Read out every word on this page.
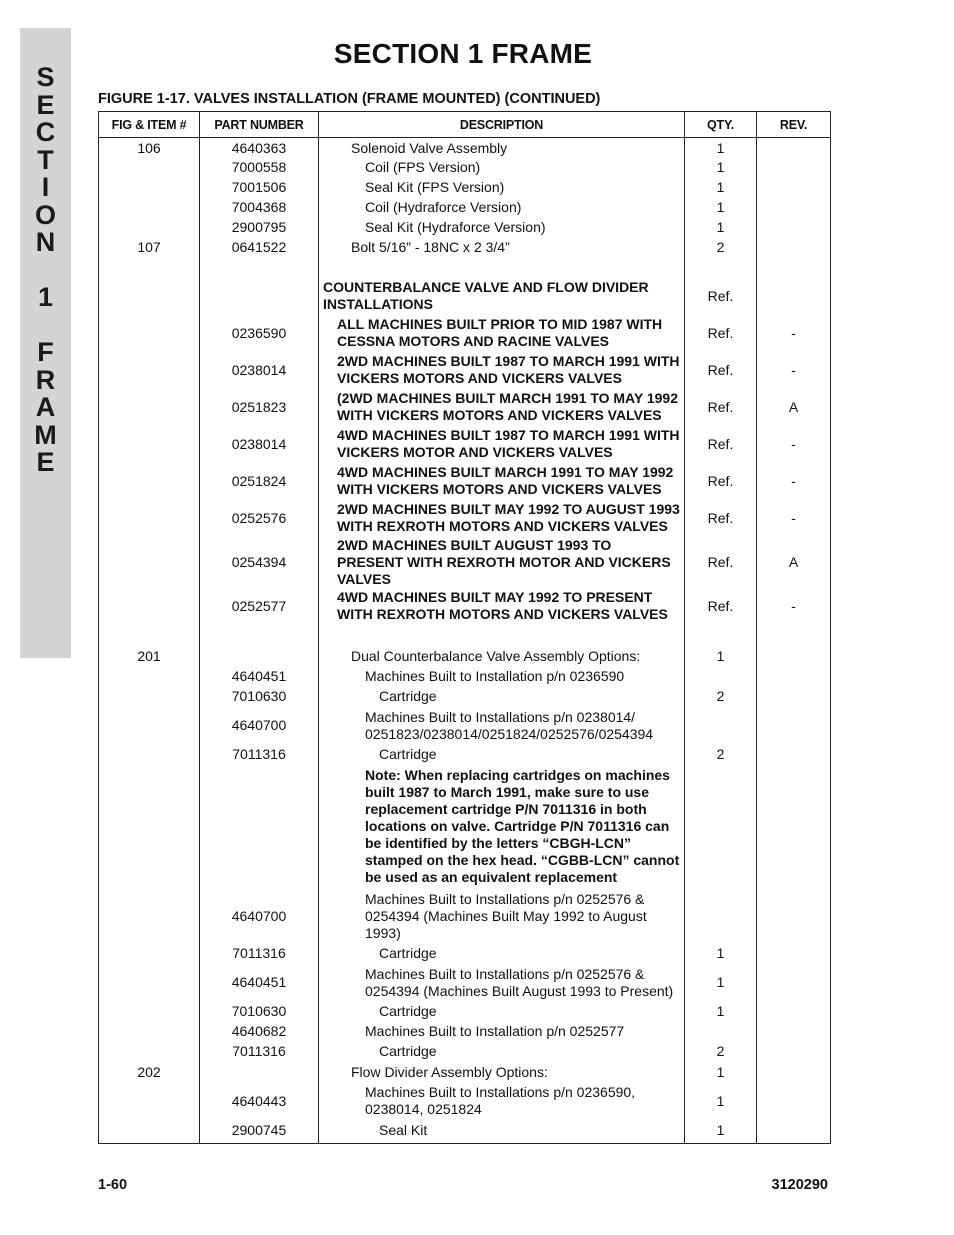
S
E
C
T
I
O
N
1
F
R
A
M
E
SECTION 1 FRAME
FIGURE 1-17. VALVES INSTALLATION (FRAME MOUNTED) (CONTINUED)
FIG & ITEM #	PART NUMBER	DESCRIPTION	QTY.	REV.
106	4640363	Solenoid Valve Assembly	1	
	7000558	Coil (FPS Version)	1	
	7001506	Seal Kit (FPS Version)	1	
	7004368	Coil (Hydraforce Version)	1	
	2900795	Seal Kit (Hydraforce Version)	1	
107	0641522	Bolt 5/16” - 18NC x 2 3/4”	2	

		COUNTERBALANCE VALVE AND FLOW DIVIDER INSTALLATIONS	Ref.	
	0236590	ALL MACHINES BUILT PRIOR TO MID 1987 WITH CESSNA MOTORS AND RACINE VALVES	Ref.	-
	0238014	2WD MACHINES BUILT 1987 TO MARCH 1991 WITH VICKERS MOTORS AND VICKERS VALVES	Ref.	-
	0251823	(2WD MACHINES BUILT MARCH 1991 TO MAY 1992 WITH VICKERS MOTORS AND VICKERS VALVES	Ref.	A
	0238014	4WD MACHINES BUILT 1987 TO MARCH 1991 WITH VICKERS MOTOR AND VICKERS VALVES	Ref.	-
	0251824	4WD MACHINES BUILT MARCH 1991 TO MAY 1992 WITH VICKERS MOTORS AND VICKERS VALVES	Ref.	-
	0252576	2WD MACHINES BUILT MAY 1992 TO AUGUST 1993 WITH REXROTH MOTORS AND VICKERS VALVES	Ref.	-
	0254394	2WD MACHINES BUILT AUGUST 1993 TO PRESENT WITH REXROTH MOTOR AND VICKERS VALVES	Ref.	A
	0252577	4WD MACHINES BUILT MAY 1992 TO PRESENT WITH REXROTH MOTORS AND VICKERS VALVES	Ref.	-

201		Dual Counterbalance Valve Assembly Options:	1	
	4640451	Machines Built to Installation p/n 0236590		
	7010630	Cartridge	2	
	4640700	Machines Built to Installations p/n 0238014/ 0251823/0238014/0251824/0252576/0254394		
	7011316	Cartridge	2	
		Note: When replacing cartridges on machines built 1987 to March 1991, make sure to use replacement cartridge P/N 7011316 in both locations on valve. Cartridge P/N 7011316 can be identified by the letters “CBGH-LCN” stamped on the hex head. “CGBB-LCN” cannot be used as an equivalent replacement		
	4640700	Machines Built to Installations p/n 0252576 & 0254394 (Machines Built May 1992 to August 1993)		
	7011316	Cartridge	1	
	4640451	Machines Built to Installations p/n 0252576 & 0254394 (Machines Built August 1993 to Present)	1	
	7010630	Cartridge	1	
	4640682	Machines Built to Installation p/n 0252577		
	7011316	Cartridge	2	
202		Flow Divider Assembly Options:	1	
	4640443	Machines Built to Installations p/n 0236590, 0238014, 0251824	1	
	2900745	Seal Kit	1	
1-60	3120290
